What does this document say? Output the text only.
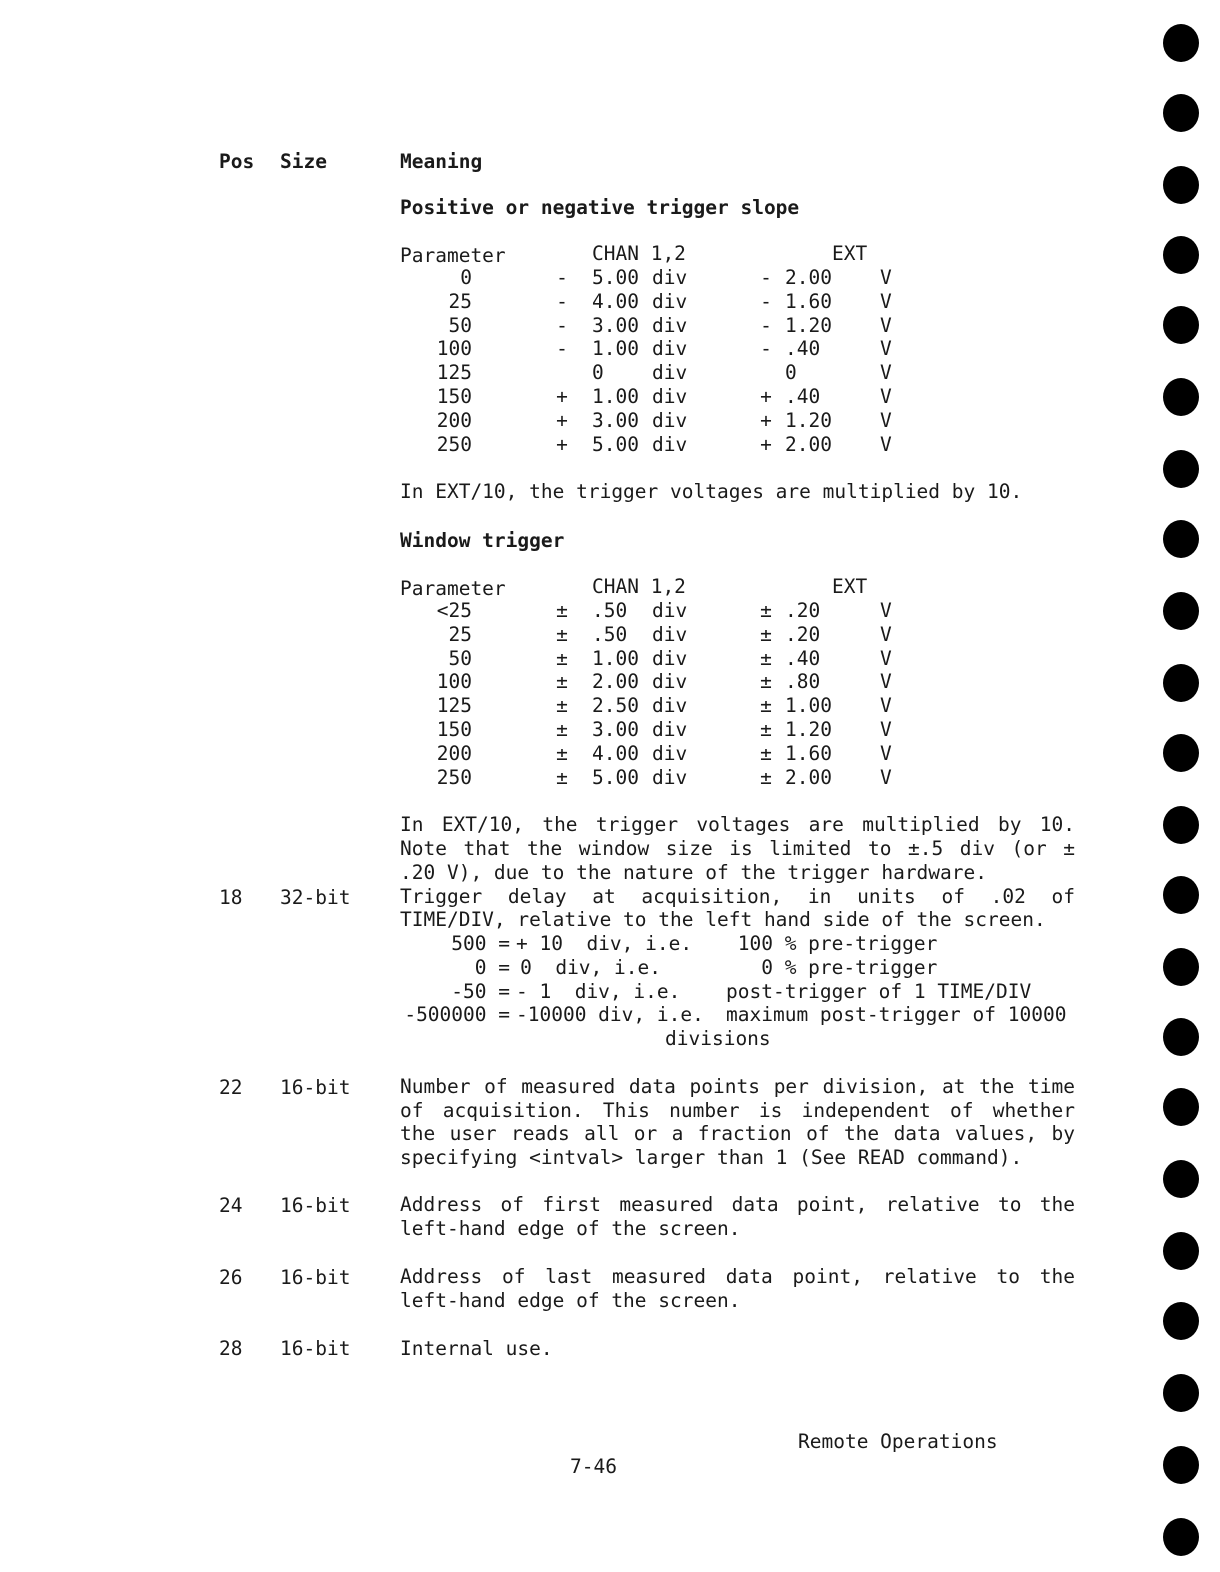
Pos Size	Meaning
Positive or negative trigger slope
Parameter	CHAN 1,2	EXT
0	- 5.00 div	- 2.00 V
25	- 4.00 div	- 1.60 V
50	- 3.00 div	- 1.20 V
100	- 1.00 div	- .40	V
125	0 div	0	V
150	+ 1.00 div	+ .40	V
200	+ 3.00 div	+ 1.20 V
250	+ 5.00 div	+ 2.00 V
In EXT/10, the trigger voltages are multiplied by 10.
Window trigger
Parameter	CHAN 1,2	EXT
<25	± .50 div	± .20	V
25	± .50 div	± .20	V
50	± 1.00 div	± .40	V
100	± 2.00 div	± .80	V
125	± 2.50 div	± 1.00 V
150	± 3.00 div	± 1.20 V
200	± 4.00 div	± 1.60 V
250	± 5.00 div	± 2.00 V
In EXT/10, the trigger voltages are multiplied by 10.
Note that the window size is limited to ±.5 div (or ±
.20 V), due to the nature of the trigger hardware.
18 32-bit	Trigger delay at acquisition, in units of .02 of
TIME/DIV, relative to the left hand side of the screen.
500 = + 10  div, i.e. 100 % pre-trigger
0 = 0  div, i.e.	0 % pre-trigger
-50 = - 1  div, i.e. post-trigger of 1 TIME/DIV
-500000 = -10000 div, i.e. maximum post-trigger of 10000
divisions
22 16-bit	Number of measured data points per division, at the time
of acquisition. This number is independent of whether
the user reads all or a fraction of the data values, by
specifying <intval> larger than 1 (See READ command).
24 16-bit	Address of first measured data point, relative to the
left-hand edge of the screen.
26 16-bit	Address of last measured data point, relative to the
left-hand edge of the screen.
28 16-bit	Internal use.
Remote Operations
7-46
